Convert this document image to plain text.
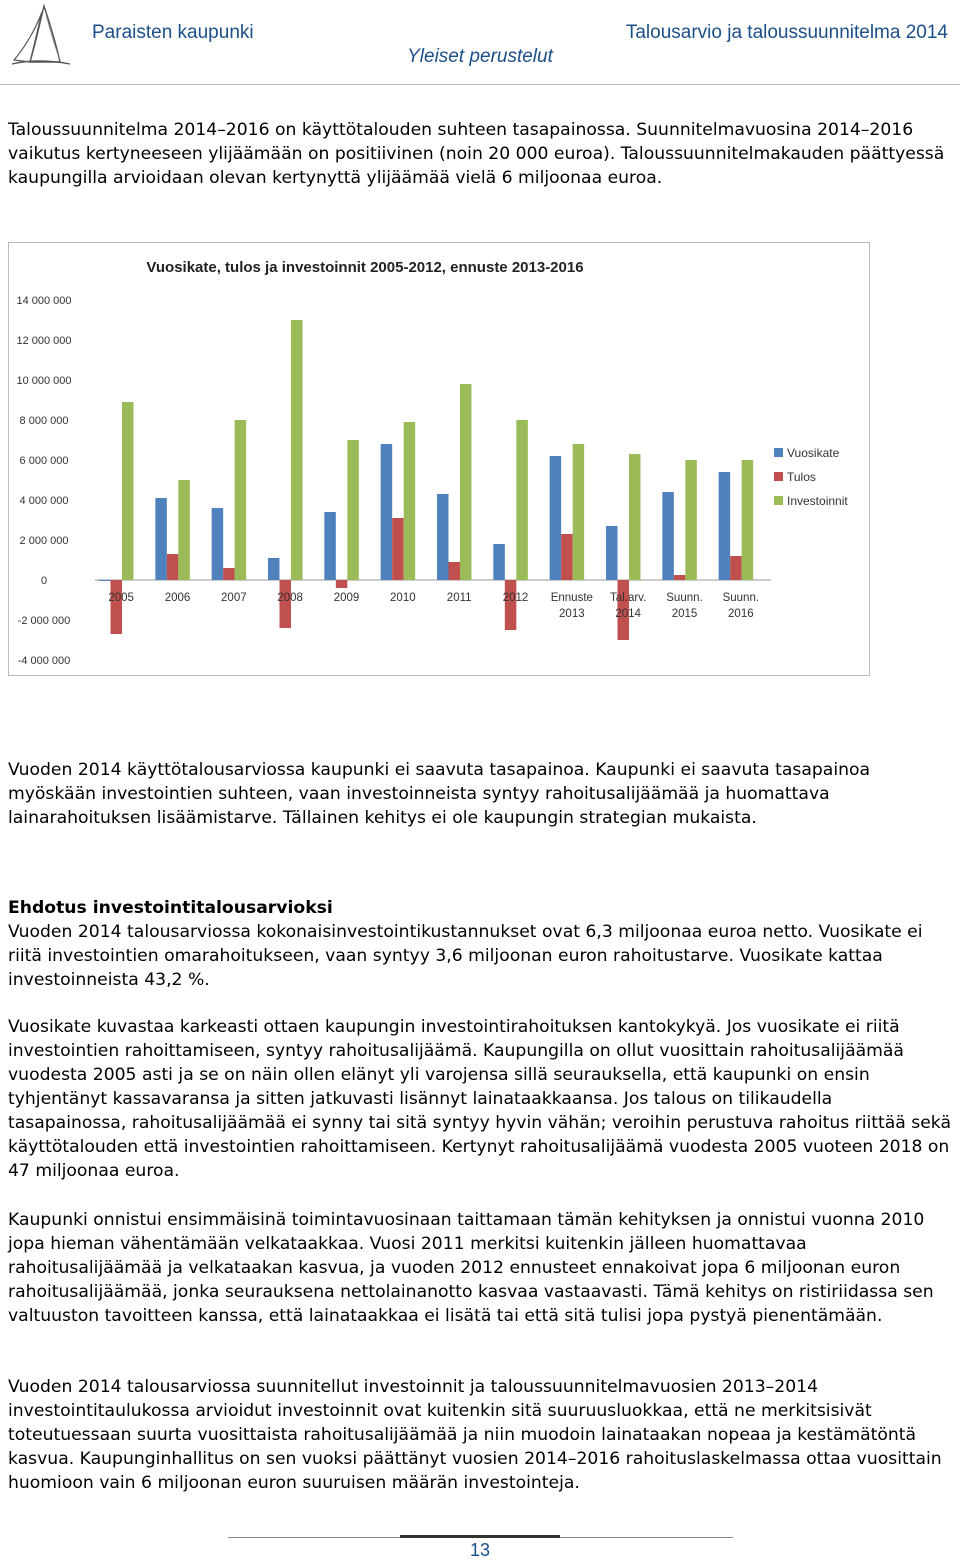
Paraisten kaupunki	Talousarvio ja taloussuunnitelma 2014
Yleiset perustelut

Taloussuunnitelma 2014–2016 on käyttötalouden suhteen tasapainossa. Suunnitelmavuosina 2014–2016 vaikutus kertyneeseen ylijäämään on positiivinen (noin 20 000 euroa). Taloussuunnitelmakauden päättyessä kaupungilla arvioidaan olevan kertynyttä ylijäämää vielä 6 miljoonaa euroa.

Vuosikate, tulos ja investoinnit 2005-2012, ennuste 2013-2016
14 000 000
12 000 000
10 000 000
8 000 000
6 000 000
4 000 000
2 000 000
0
-2 000 000
-4 000 000
2005	2006	2007	2008	2009	2010	2011	2012 Ennuste
2013
Tal.arv.
2014
Suunn.
2015
Suunn.
2016
Vuosikate
Tulos
Investoinnit

Vuoden 2014 käyttötalousarviossa kaupunki ei saavuta tasapainoa. Kaupunki ei saavuta tasapainoa myöskään investointien suhteen, vaan investoinneista syntyy rahoitusalijäämää ja huomattava lainarahoituksen lisäämistarve. Tällainen kehitys ei ole kaupungin strategian mukaista.

Ehdotus investointitalousarvioksi

Vuoden 2014 talousarviossa kokonaisinvestointikustannukset ovat 6,3 miljoonaa euroa netto. Vuosikate ei riitä investointien omarahoitukseen, vaan syntyy 3,6 miljoonan euron rahoitustarve. Vuosikate kattaa investoinneista 43,2 %.

Vuosikate kuvastaa karkeasti ottaen kaupungin investointirahoituksen kantokykyä. Jos vuosikate ei riitä investointien rahoittamiseen, syntyy rahoitusalijäämä. Kaupungilla on ollut vuosittain rahoitusalijäämää vuodesta 2005 asti ja se on näin ollen elänyt yli varojensa sillä seurauksella, että kaupunki on ensin tyhjentänyt kassavaransa ja sitten jatkuvasti lisännyt lainataakkaansa. Jos talous on tilikaudella tasapainossa, rahoitusalijäämää ei synny tai sitä syntyy hyvin vähän; veroihin perustuva rahoitus riittää sekä käyttötalouden että investointien rahoittamiseen. Kertynyt rahoitusalijäämä vuodesta 2005 vuoteen 2018 on 47 miljoonaa euroa.

Kaupunki onnistui ensimmäisinä toimintavuosinaan taittamaan tämän kehityksen ja onnistui vuonna 2010 jopa hieman vähentämään velkataakkaa. Vuosi 2011 merkitsi kuitenkin jälleen huomattavaa rahoitusalijäämää ja velkataakan kasvua, ja vuoden 2012 ennusteet ennakoivat jopa 6 miljoonan euron rahoitusalijäämää, jonka seurauksena nettolainanotto kasvaa vastaavasti. Tämä kehitys on ristiriidassa sen valtuuston tavoitteen kanssa, että lainataakkaa ei lisätä tai että sitä tulisi jopa pystyä pienentämään.

Vuoden 2014 talousarviossa suunnitellut investoinnit ja taloussuunnitelmavuosien 2013–2014 investointitaulukossa arvioidut investoinnit ovat kuitenkin sitä suuruusluokkaa, että ne merkitsisivät toteutuessaan suurta vuosittaista rahoitusalijäämää ja niin muodoin lainataakan nopeaa ja kestämätöntä kasvua. Kaupunginhallitus on sen vuoksi päättänyt vuosien 2014–2016 rahoituslaskelmassa ottaa vuosittain huomioon vain 6 miljoonan euron suuruisen määrän investointeja.

13
